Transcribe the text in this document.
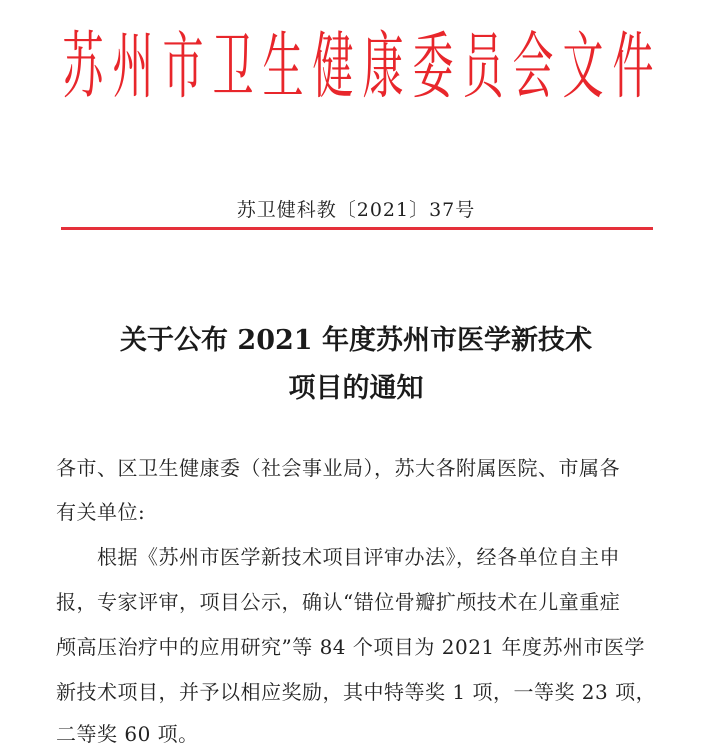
苏 州 市 卫 生 健 康 委 员 会 文 件
苏卫健科教〔2021〕37号
关于公布 2021 年度苏州市医学新技术
项目的通知
各市、区卫生健康委（社会事业局），苏大各附属医院、市属各
有关单位:
　　根据《苏州市医学新技术项目评审办法》，经各单位自主申
报，专家评审，项目公示，确认“错位骨瓣扩颅技术在儿童重症
颅高压治疗中的应用研究”等 84 个项目为 2021 年度苏州市医学
新技术项目，并予以相应奖励，其中特等奖 1 项，一等奖 23 项，
二等奖 60 项。
